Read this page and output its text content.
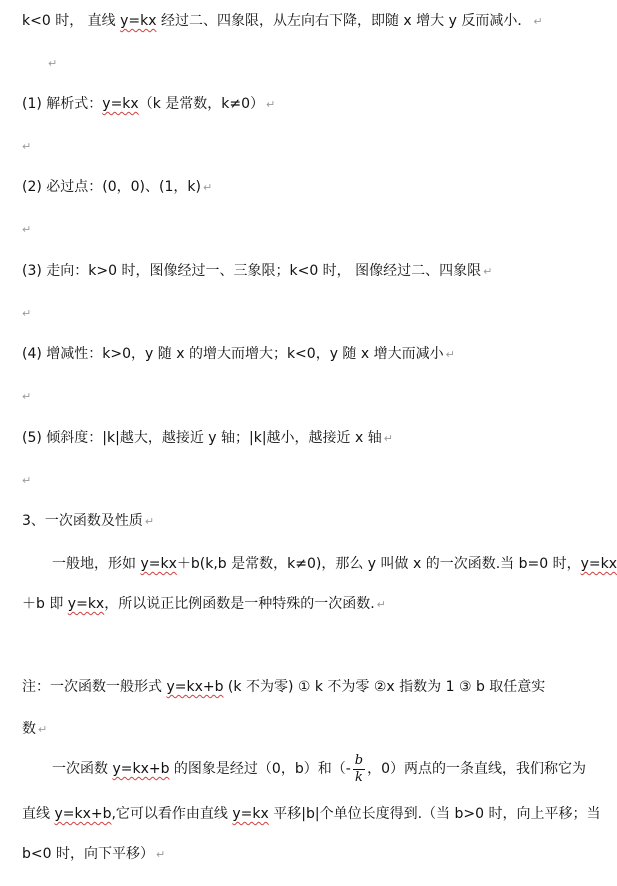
k<0 时， 直线 y=kx 经过二、四象限，从左向右下降，即随 x 增大 y 反而减小． ↵
↵
(1) 解析式：y=kx（k 是常数，k≠0） ↵
↵
(2) 必过点：(0，0)、(1，k) ↵
↵
(3) 走向：k>0 时，图像经过一、三象限；k<0 时， 图像经过二、四象限 ↵
↵
(4) 增减性：k>0，y 随 x 的增大而增大；k<0，y 随 x 增大而减小 ↵
↵
(5) 倾斜度：|k|越大，越接近 y 轴；|k|越小，越接近 x 轴 ↵
↵
3、一次函数及性质 ↵
一般地，形如 y=kx＋b(k,b 是常数，k≠0)，那么 y 叫做 x 的一次函数.当 b=0 时，y=kx
＋b 即 y=kx，所以说正比例函数是一种特殊的一次函数. ↵
注：一次函数一般形式 y=kx+b (k 不为零) ① k 不为零 ②x 指数为 1 ③ b 取任意实
数 ↵
一次函数 y=kx+b 的图象是经过（0，b）和（- $\frac{b}{k}$ ，0）两点的一条直线，我们称它为
直线 y=kx+b,它可以看作由直线 y=kx 平移|b|个单位长度得到.（当 b>0 时，向上平移；当
b<0 时，向下平移） ↵
